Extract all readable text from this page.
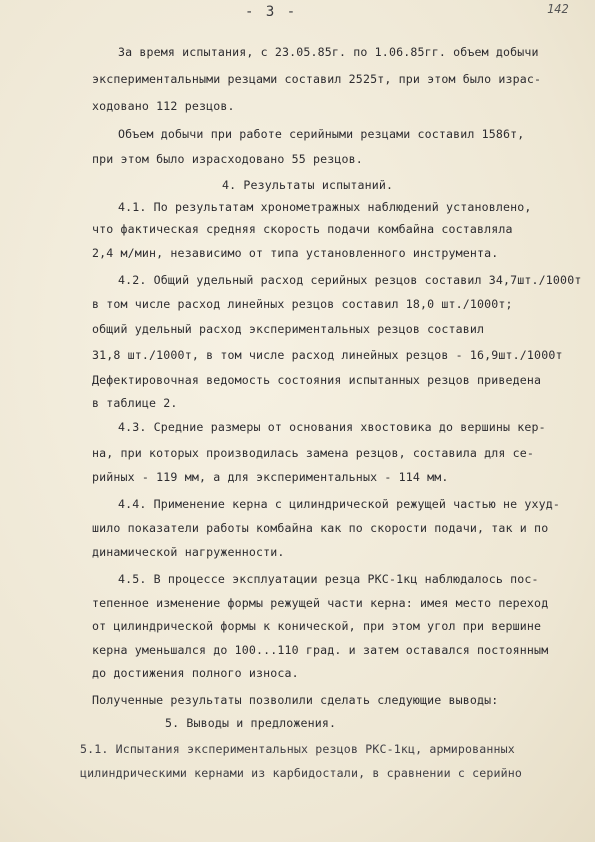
- 3 -	142
За время испытания, с 23.05.85г. по 1.06.85гг. объем добычи
экспериментальными резцами составил 2525т, при этом было израс-
ходовано 112 резцов.
Объем добычи при работе серийными резцами составил 1586т,
при этом было израсходовано 55 резцов.
4. Результаты испытаний.
4.1. По результатам хронометражных наблюдений установлено,
что фактическая средняя скорость подачи комбайна составляла
2,4 м/мин, независимо от типа установленного инструмента.
4.2. Общий удельный расход серийных резцов составил 34,7шт./1000т
в том числе расход линейных резцов составил 18,0 шт./1000т;
общий удельный расход экспериментальных резцов составил
31,8 шт./1000т, в том числе расход линейных резцов - 16,9шт./1000т
Дефектировочная ведомость состояния испытанных резцов приведена
в таблице 2.
4.3. Средние размеры от основания хвостовика до вершины кер-
на, при которых производилась замена резцов, составила для се-
рийных - 119 мм, а для экспериментальных - 114 мм.
4.4. Применение керна с цилиндрической режущей частью не ухуд-
шило показатели работы комбайна как по скорости подачи, так и по
динамической нагруженности.
4.5. В процессе эксплуатации резца РКС-1кц наблюдалось пос-
тепенное изменение формы режущей части керна: имея место переход
от цилиндрической формы к конической, при этом угол при вершине
керна уменьшался до 100...110 град. и затем оставался постоянным
до достижения полного износа.
Полученные результаты позволили сделать следующие выводы:
5. Выводы и предложения.
5.1. Испытания экспериментальных резцов РКС-1кц, армированных
цилиндрическими кернами из карбидостали, в сравнении с серийно
